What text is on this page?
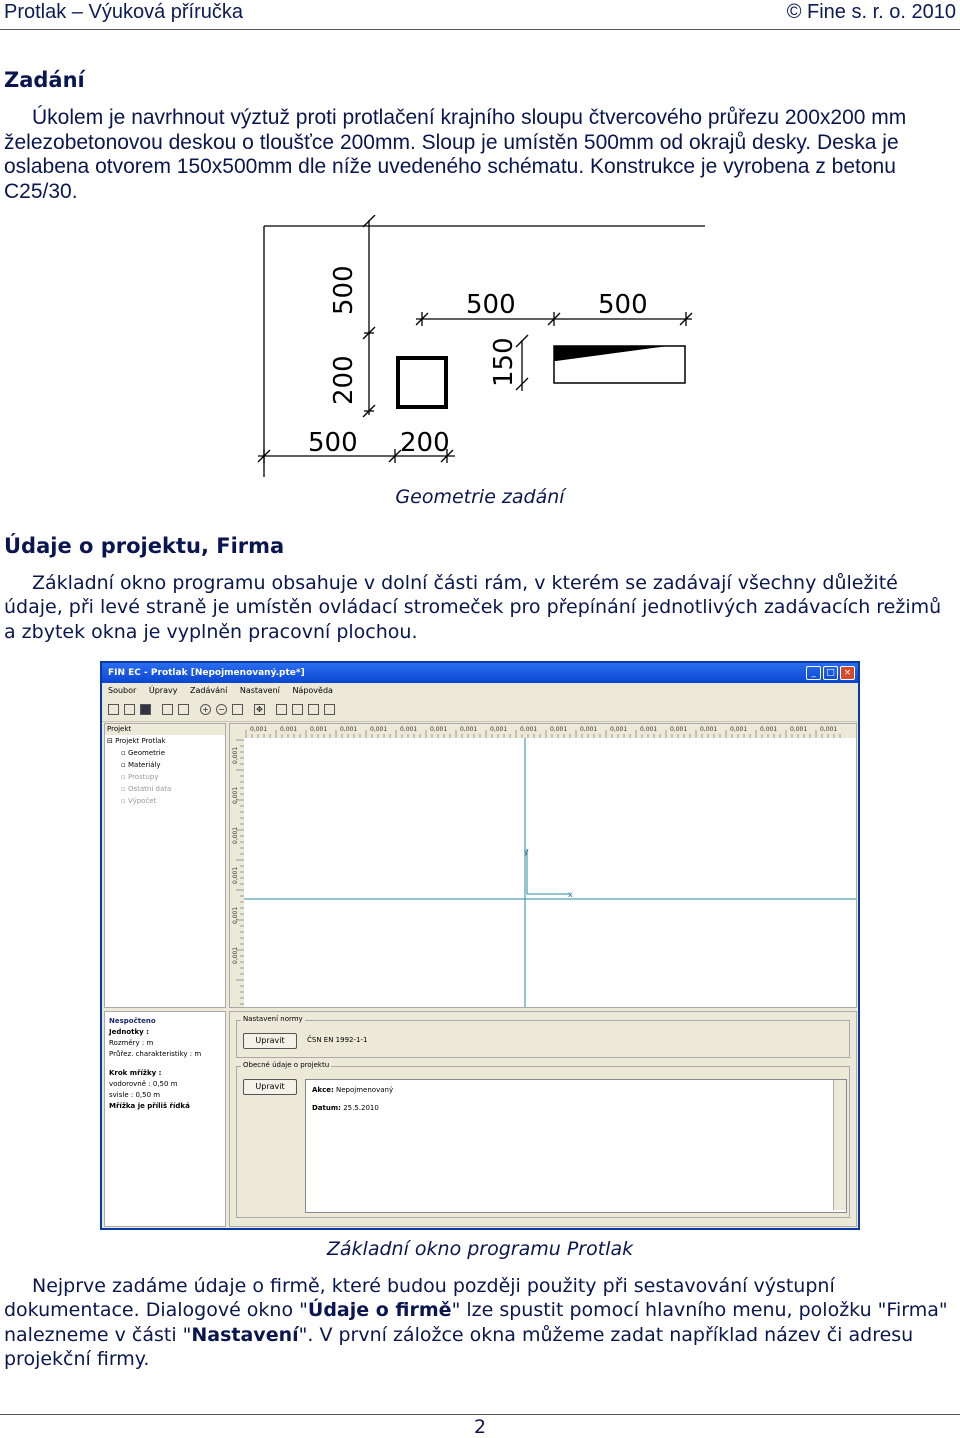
Protlak – Výuková příručka	© Fine s. r. o. 2010
Zadání
Úkolem je navrhnout výztuž proti protlačení krajního sloupu čtvercového průřezu 200x200 mm železobetonovou deskou o tloušťce 200mm. Sloup je umístěn 500mm od okrajů desky. Deska je oslabena otvorem 150x500mm dle níže uvedeného schématu. Konstrukce je vyrobena z betonu C25/30.
500
200
500	500
150
500 200
Geometrie zadání
Údaje o projektu, Firma
Základní okno programu obsahuje v dolní části rám, v kterém se zadávají všechny důležité údaje, při levé straně je umístěn ovládací stromeček pro přepínání jednotlivých zadávacích režimů a zbytek okna je vyplněn pracovní plochou.
FIN EC - Protlak [Nepojmenovaný.pte*]	_	□ ×
Soubor Úpravy Zadávání Nastavení Nápověda
+ −	✥
Projekt
⊟ Projekt Protlak
▫ Geometrie
▫ Materiály
▫ Prostupy
▫ Ostatní data
▫ Výpočet
0,001 0,001 0,001 0,001 0,001 0,001 0,001 0,001 0,001 0,001 0,001 0,001 0,001 0,001 0,001 0,001 0,001 0,001 0,001 0,001
0,001
0,001
0,001
0,001
0,001
0,001
x
y
Nespočteno
Jednotky :
Rozměry : m
Průřez. charakteristiky : m
Krok mřížky :
vodorovně : 0,50 m
svisle : 0,50 m
Mřížka je příliš řídká
Nastavení normy
Upravit	ČSN EN 1992-1-1
Obecné údaje o projektu
Upravit	Akce: Nepojmenovaný
Datum: 25.5.2010
Základní okno programu Protlak
Nejprve zadáme údaje o firmě, které budou později použity při sestavování výstupní dokumentace. Dialogové okno "Údaje o firmě" lze spustit pomocí hlavního menu, položku "Firma" nalezneme v části "Nastavení". V první záložce okna můžeme zadat například název či adresu projekční firmy.
2
